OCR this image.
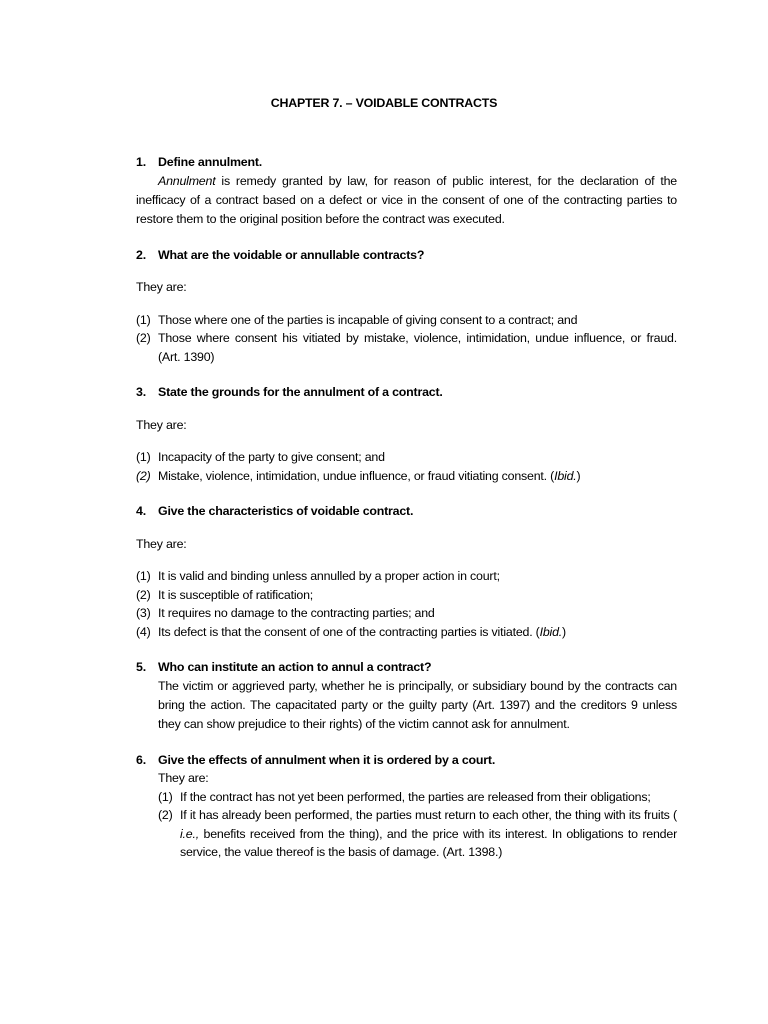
CHAPTER 7. – VOIDABLE CONTRACTS
1. Define annulment.
Annulment is remedy granted by law, for reason of public interest, for the declaration of the inefficacy of a contract based on a defect or vice in the consent of one of the contracting parties to restore them to the original position before the contract was executed.
2. What are the voidable or annullable contracts?
They are:
(1) Those where one of the parties is incapable of giving consent to a contract; and
(2) Those where consent his vitiated by mistake, violence, intimidation, undue influence, or fraud. (Art. 1390)
3. State the grounds for the annulment of a contract.
They are:
(1) Incapacity of the party to give consent; and
(2) Mistake, violence, intimidation, undue influence, or fraud vitiating consent. (Ibid.)
4. Give the characteristics of voidable contract.
They are:
(1) It is valid and binding unless annulled by a proper action in court;
(2) It is susceptible of ratification;
(3) It requires no damage to the contracting parties; and
(4) Its defect is that the consent of one of the contracting parties is vitiated. (Ibid.)
5. Who can institute an action to annul a contract?
The victim or aggrieved party, whether he is principally, or subsidiary bound by the contracts can bring the action. The capacitated party or the guilty party (Art. 1397) and the creditors 9 unless they can show prejudice to their rights) of the victim cannot ask for annulment.
6. Give the effects of annulment when it is ordered by a court.
They are:
(1) If the contract has not yet been performed, the parties are released from their obligations;
(2) If it has already been performed, the parties must return to each other, the thing with its fruits ( i.e., benefits received from the thing), and the price with its interest. In obligations to render service, the value thereof is the basis of damage. (Art. 1398.)
